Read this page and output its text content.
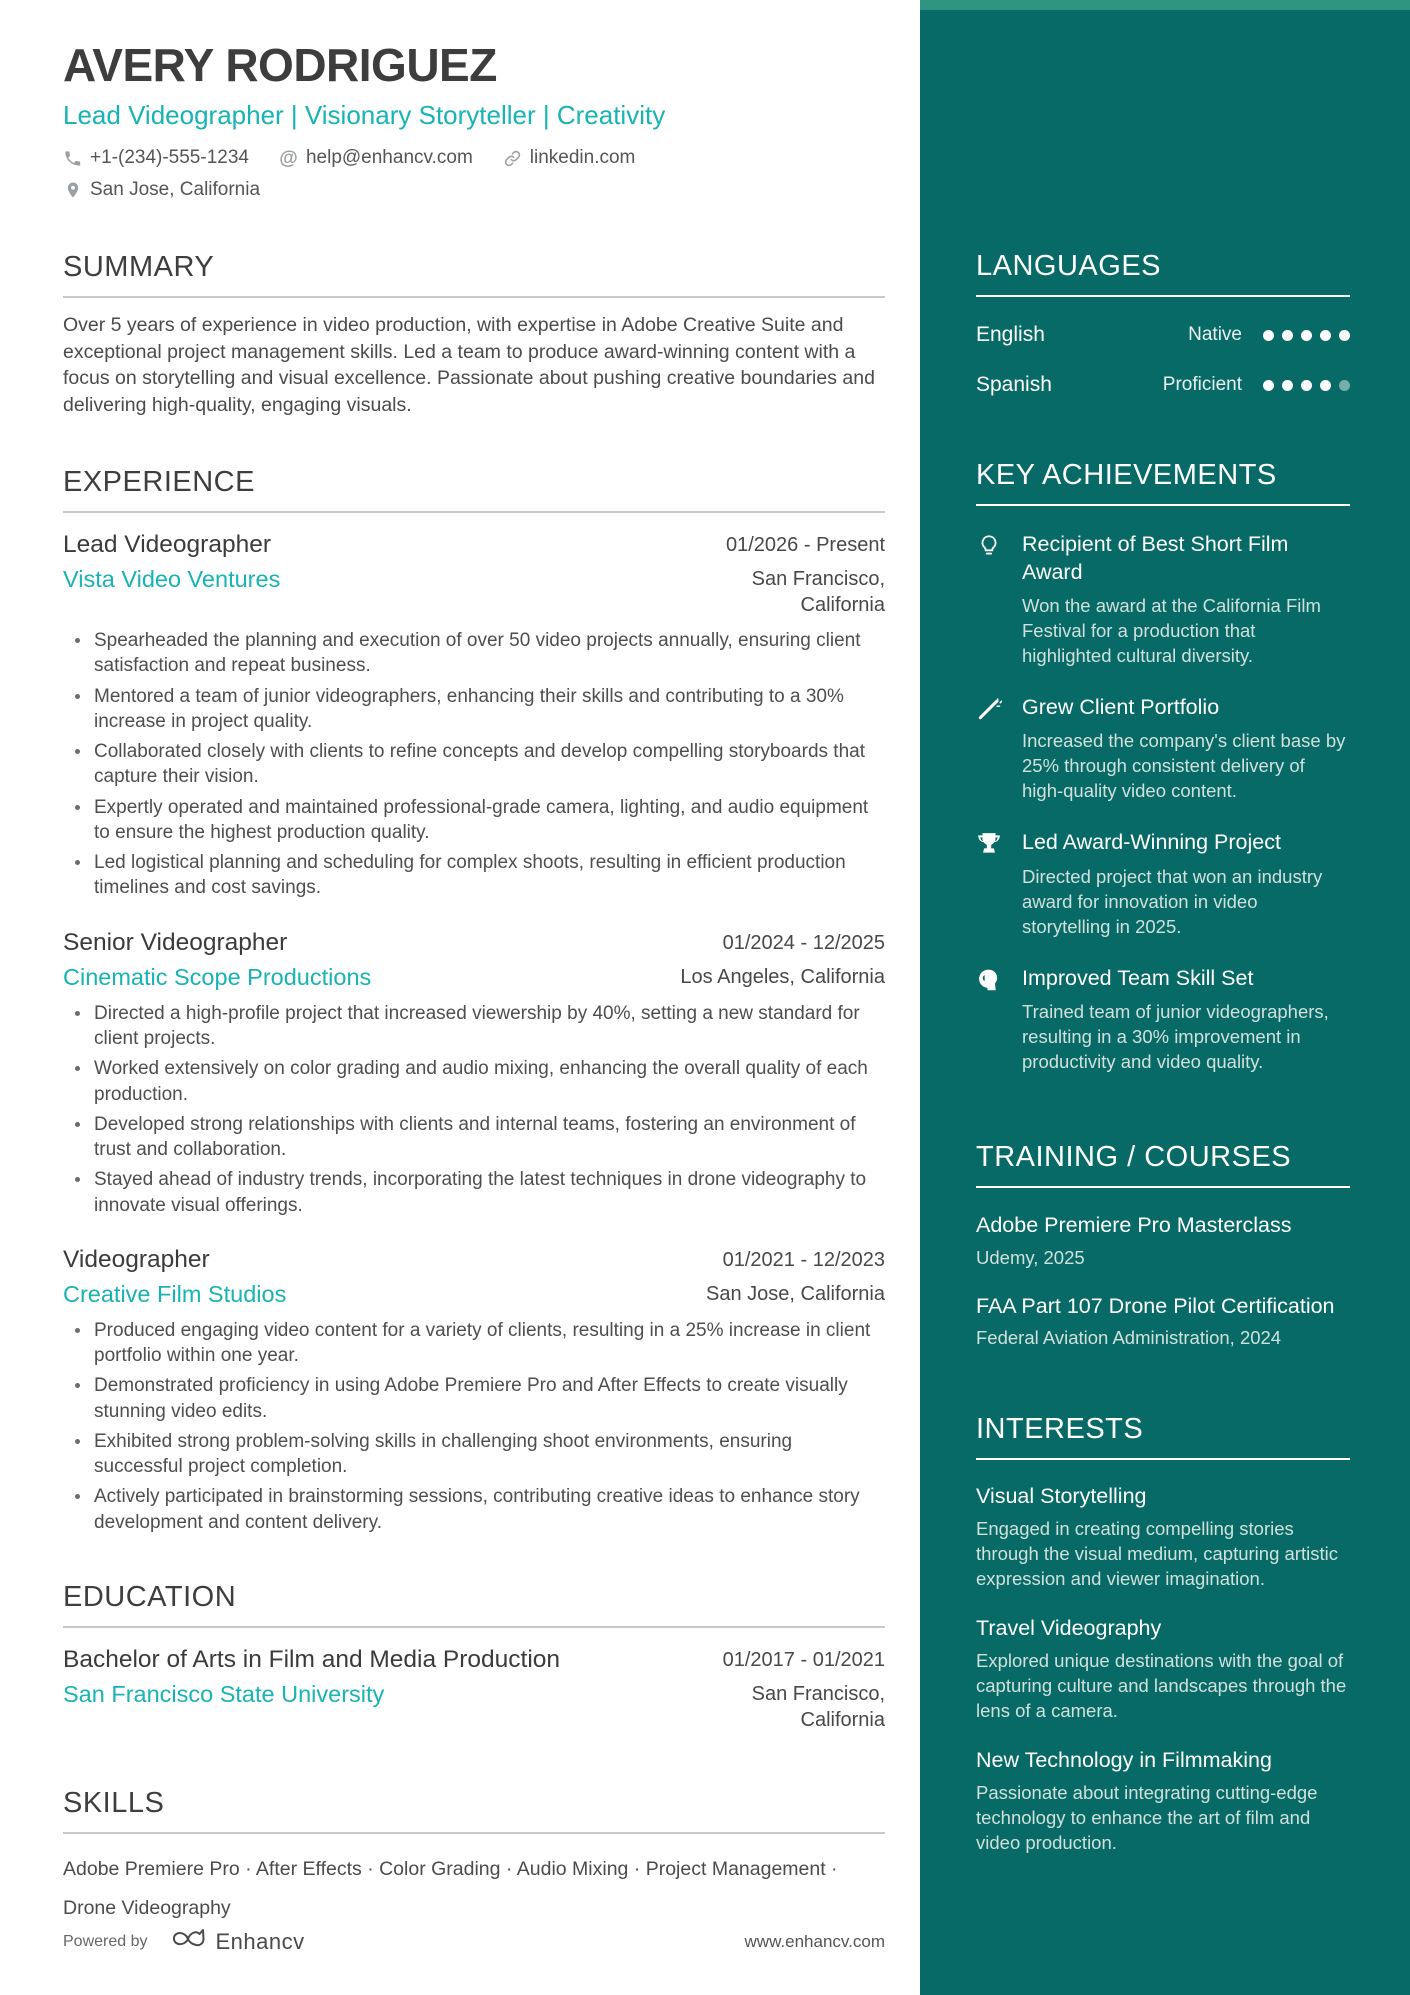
AVERY RODRIGUEZ
Lead Videographer | Visionary Storyteller | Creativity
+1-(234)-555-1234 @ help@enhancv.com	linkedin.com
San Jose, California
SUMMARY
Over 5 years of experience in video production, with expertise in Adobe Creative Suite and exceptional project management skills. Led a team to produce award-winning content with a focus on storytelling and visual excellence. Passionate about pushing creative boundaries and delivering high-quality, engaging visuals.
EXPERIENCE
Lead Videographer	01/2026 - Present
Vista Video Ventures	San Francisco, California
Spearheaded the planning and execution of over 50 video projects annually, ensuring client satisfaction and repeat business.
Mentored a team of junior videographers, enhancing their skills and contributing to a 30% increase in project quality.
Collaborated closely with clients to refine concepts and develop compelling storyboards that capture their vision.
Expertly operated and maintained professional-grade camera, lighting, and audio equipment to ensure the highest production quality.
Led logistical planning and scheduling for complex shoots, resulting in efficient production timelines and cost savings.
Senior Videographer	01/2024 - 12/2025
Cinematic Scope Productions	Los Angeles, California
Directed a high-profile project that increased viewership by 40%, setting a new standard for client projects.
Worked extensively on color grading and audio mixing, enhancing the overall quality of each production.
Developed strong relationships with clients and internal teams, fostering an environment of trust and collaboration.
Stayed ahead of industry trends, incorporating the latest techniques in drone videography to innovate visual offerings.
Videographer	01/2021 - 12/2023
Creative Film Studios	San Jose, California
Produced engaging video content for a variety of clients, resulting in a 25% increase in client portfolio within one year.
Demonstrated proficiency in using Adobe Premiere Pro and After Effects to create visually stunning video edits.
Exhibited strong problem-solving skills in challenging shoot environments, ensuring successful project completion.
Actively participated in brainstorming sessions, contributing creative ideas to enhance story development and content delivery.
EDUCATION
Bachelor of Arts in Film and Media Production	01/2017 - 01/2021
San Francisco State University	San Francisco, California
SKILLS
Adobe Premiere Pro · After Effects · Color Grading · Audio Mixing · Project Management · Drone Videography
LANGUAGES
English	Native
Spanish	Proficient
KEY ACHIEVEMENTS
Recipient of Best Short Film Award
Won the award at the California Film Festival for a production that highlighted cultural diversity.
Grew Client Portfolio
Increased the company's client base by 25% through consistent delivery of high-quality video content.
Led Award-Winning Project
Directed project that won an industry award for innovation in video storytelling in 2025.
Improved Team Skill Set
Trained team of junior videographers, resulting in a 30% improvement in productivity and video quality.
TRAINING / COURSES
Adobe Premiere Pro Masterclass
Udemy, 2025
FAA Part 107 Drone Pilot Certification
Federal Aviation Administration, 2024
INTERESTS
Visual Storytelling
Engaged in creating compelling stories through the visual medium, capturing artistic expression and viewer imagination.
Travel Videography
Explored unique destinations with the goal of capturing culture and landscapes through the lens of a camera.
New Technology in Filmmaking
Passionate about integrating cutting-edge technology to enhance the art of film and video production.
Powered by	Enhancv	www.enhancv.com
